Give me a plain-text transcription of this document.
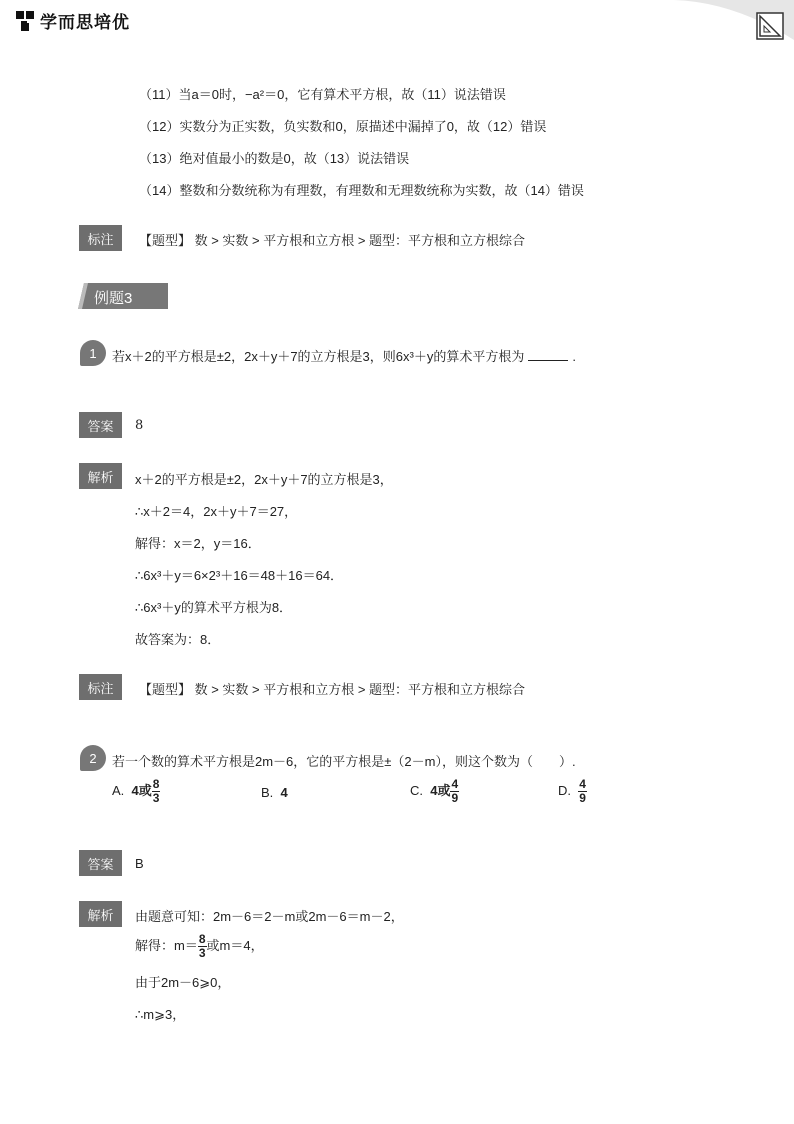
学而思培优
（11）当a＝0时，−a²＝0，它有算术平方根，故（11）说法错误
（12）实数分为正实数，负实数和0，原描述中漏掉了0，故（12）错误
（13）绝对值最小的数是0，故（13）说法错误
（14）整数和分数统称为有理数，有理数和无理数统称为实数，故（14）错误
标注	【题型】 数 > 实数 > 平方根和立方根 > 题型：平方根和立方根综合
例题3
1	若x＋2的平方根是±2，2x＋y＋7的立方根是3，则6x³＋y的算术平方根为	.
答案	8
解析	x＋2的平方根是±2，2x＋y＋7的立方根是3，
∴x＋2＝4，2x＋y＋7＝27，
解得：x＝2，y＝16．
∴6x³＋y＝6×2³＋16＝48＋16＝64．
∴6x³＋y的算术平方根为8．
故答案为：8．
标注	【题型】 数 > 实数 > 平方根和立方根 > 题型：平方根和立方根综合
2	若一个数的算术平方根是2m－6，它的平方根是±（2－m），则这个数为（　　）.
A. 4或 $\frac{8}{3}$	B. 4	C. 4或 $\frac{4}{9}$	D. $\frac{4}{9}$
答案	B
解析	由题意可知：2m－6＝2－m或2m－6＝m－2，
解得：$m= \frac{8}{3}$ 或m＝4，
由于2m－6⩾0，
∴m⩾3，
